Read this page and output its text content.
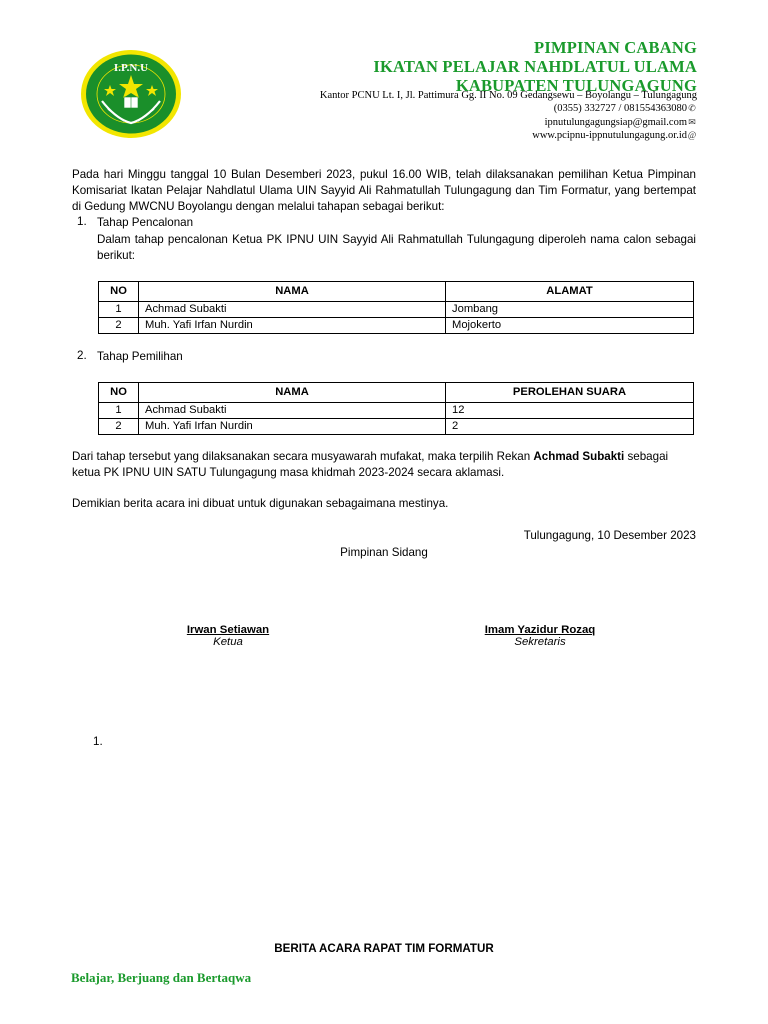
I.P.N.U
PIMPINAN CABANG
IKATAN PELAJAR NAHDLATUL ULAMA
KABUPATEN TULUNGAGUNG
Kantor PCNU Lt. I, Jl. Pattimura Gg. II No. 09 Gedangsewu – Boyolangu – Tulungagung
(0355) 332727 / 081554363080✆
ipnutulungagungsiap@gmail.com✉
www.pcipnu-ippnutulungagung.or.id@
Pada hari Minggu tanggal 10 Bulan Desemberi 2023, pukul 16.00 WIB, telah dilaksanakan pemilihan Ketua Pimpinan Komisariat Ikatan Pelajar Nahdlatul Ulama UIN Sayyid Ali Rahmatullah Tulungagung dan Tim Formatur, yang bertempat di Gedung MWCNU Boyolangu dengan melalui tahapan sebagai berikut:
1. Tahap Pencalonan
Dalam tahap pencalonan Ketua PK IPNU UIN Sayyid Ali Rahmatullah Tulungagung diperoleh nama calon sebagai berikut:
NO	NAMA	ALAMAT
1	Achmad Subakti	Jombang
2	Muh. Yafi Irfan Nurdin	Mojokerto
2. Tahap Pemilihan
NO	NAMA	PEROLEHAN SUARA
1	Achmad Subakti	12
2	Muh. Yafi Irfan Nurdin	2
Dari tahap tersebut yang dilaksanakan secara musyawarah mufakat, maka terpilih Rekan Achmad Subakti sebagai ketua PK IPNU UIN SATU Tulungagung masa khidmah 2023-2024 secara aklamasi.
Demikian berita acara ini dibuat untuk digunakan sebagaimana mestinya.
Tulungagung, 10 Desember 2023
Pimpinan Sidang
Irwan Setiawan
Ketua
Imam Yazidur Rozaq
Sekretaris
1.
BERITA ACARA RAPAT TIM FORMATUR
Belajar, Berjuang dan Bertaqwa
